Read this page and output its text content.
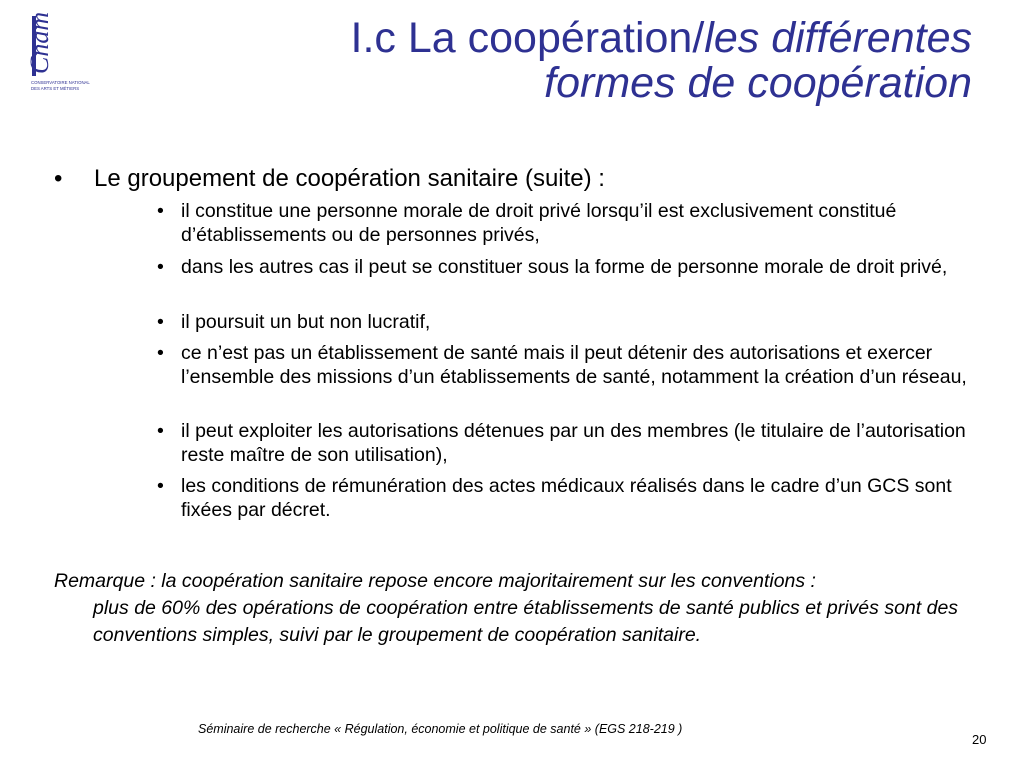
Cnam
CONSERVATOIRE NATIONAL
DES ARTS ET MÉTIERS
I.c La coopération/les différentes
formes de coopération
• Le groupement de coopération sanitaire (suite) :
• il constitue une personne morale de droit privé lorsqu’il est exclusivement constitué d’établissements ou de personnes privés,
• dans les autres cas il peut se constituer sous la forme de personne morale de droit privé,
• il poursuit un but non lucratif,
• ce n’est pas un établissement de santé mais il peut détenir des autorisations et exercer l’ensemble des missions d’un établissements de santé, notamment la création d’un réseau,
• il peut exploiter les autorisations détenues par un des membres (le titulaire de l’autorisation reste maître de son utilisation),
• les conditions de rémunération des actes médicaux réalisés dans le cadre d’un GCS sont fixées par décret.
Remarque : la coopération sanitaire repose encore majoritairement sur les conventions :
plus de 60% des opérations de coopération entre établissements de santé publics et privés sont des conventions simples, suivi par le groupement de coopération sanitaire.
Séminaire de recherche « Régulation, économie et politique de santé » (EGS 218-219 )
20
